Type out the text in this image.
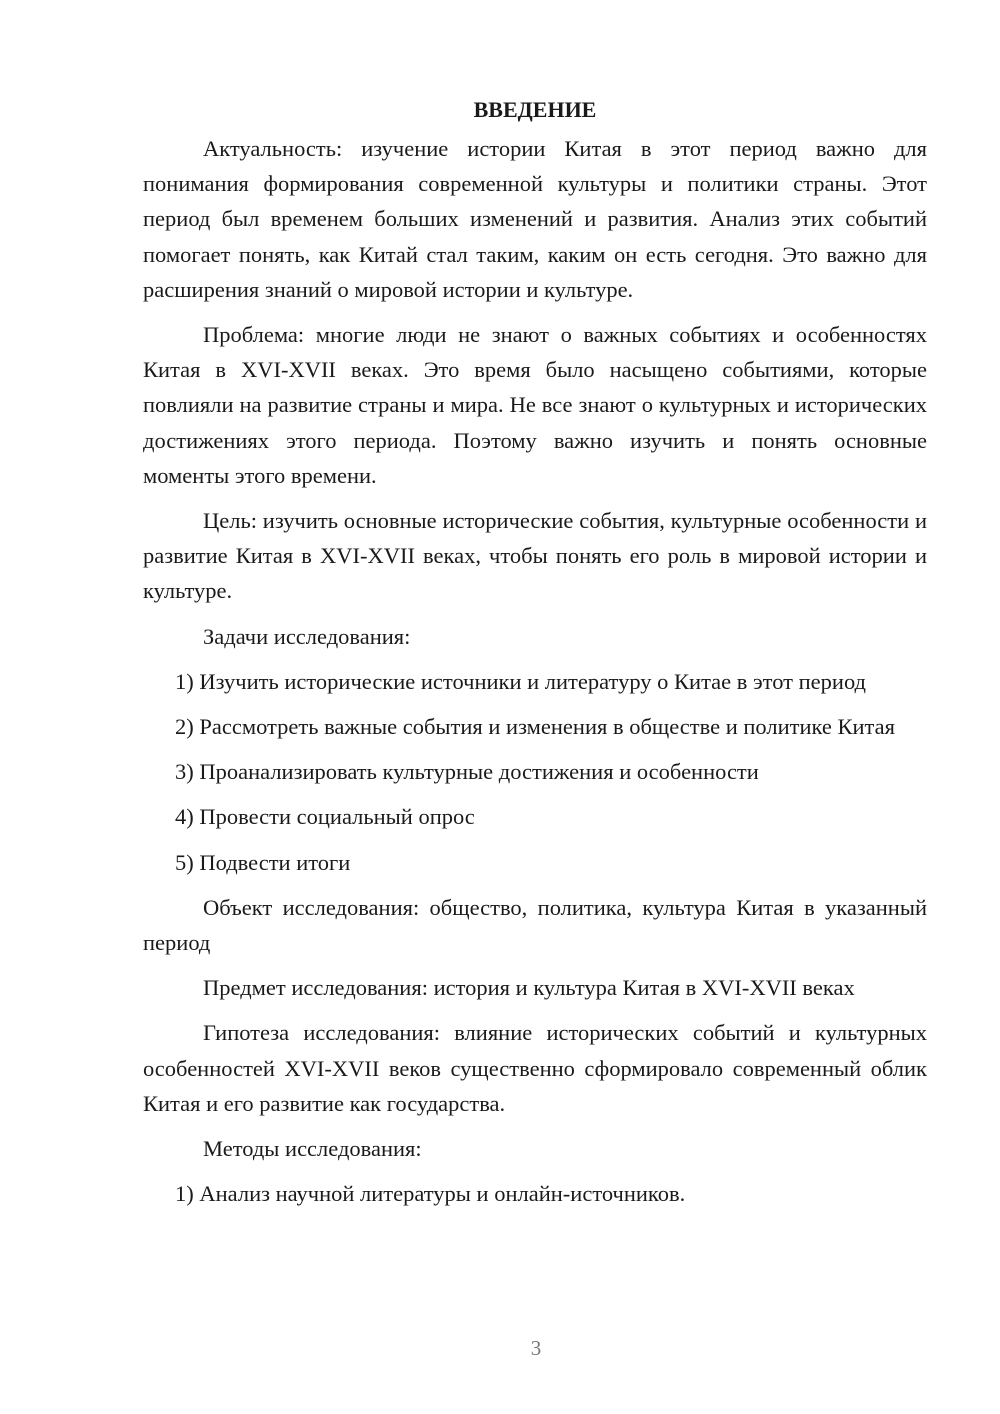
ВВЕДЕНИЕ

Актуальность: изучение истории Китая в этот период важно для понимания формирования современной культуры и политики страны. Этот период был временем больших изменений и развития. Анализ этих событий помогает понять, как Китай стал таким, каким он есть сегодня. Это важно для расширения знаний о мировой истории и культуре.

Проблема: многие люди не знают о важных событиях и особенностях Китая в XVI-XVII веках. Это время было насыщено событиями, которые повлияли на развитие страны и мира. Не все знают о культурных и исторических достижениях этого периода. Поэтому важно изучить и понять основные моменты этого времени.

Цель: изучить основные исторические события, культурные особенности и развитие Китая в XVI-XVII веках, чтобы понять его роль в мировой истории и культуре.

Задачи исследования:

1) Изучить исторические источники и литературу о Китае в этот период

2) Рассмотреть важные события и изменения в обществе и политике Китая

3) Проанализировать культурные достижения и особенности

4) Провести социальный опрос

5) Подвести итоги

Объект исследования: общество, политика, культура Китая в указанный период

Предмет исследования: история и культура Китая в XVI-XVII веках

Гипотеза исследования: влияние исторических событий и культурных особенностей XVI-XVII веков существенно сформировало современный облик Китая и его развитие как государства.

Методы исследования:

1) Анализ научной литературы и онлайн-источников.

3
